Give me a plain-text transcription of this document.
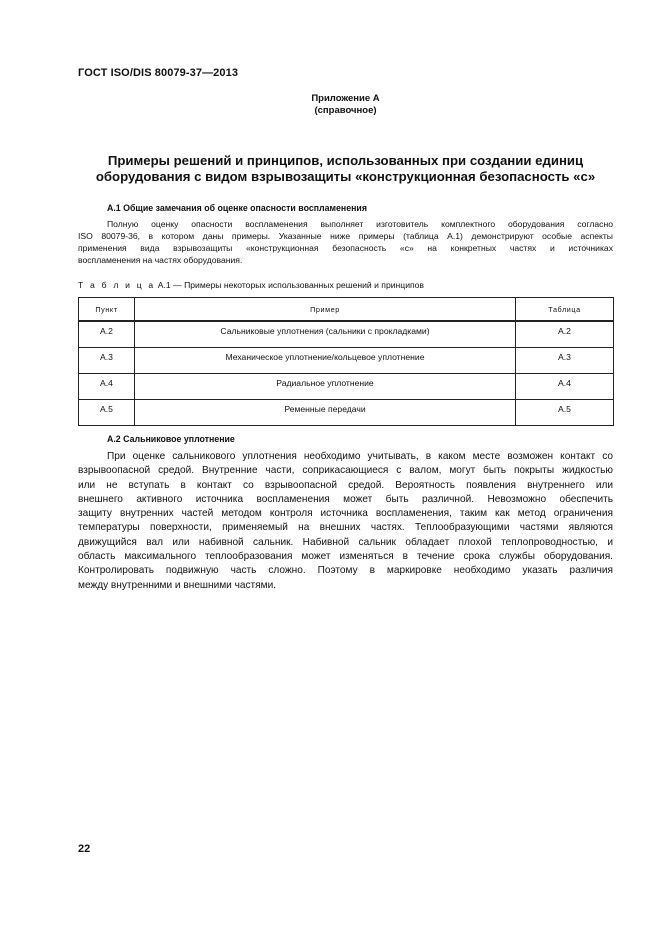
ГОСТ ISO/DIS 80079-37—2013
Приложение А
(справочное)
Примеры решений и принципов, использованных при создании единиц
оборудования с видом взрывозащиты «конструкционная безопасность «с»
А.1 Общие замечания об оценке опасности воспламенения
Полную оценку опасности воспламенения выполняет изготовитель комплектного оборудования согласно
ISO 80079-36, в котором даны примеры. Указанные ниже примеры (таблица А.1) демонстрируют особые аспекты
применения вида взрывозащиты «конструкционная безопасность «с» на конкретных частях и источниках
воспламенения на частях оборудования.
Т а б л и ц а А.1 — Примеры некоторых использованных решений и принципов
Пункт	Пример	Таблица
А.2	Сальниковые уплотнения (сальники с прокладками)	А.2
А.3	Механическое уплотнение/кольцевое уплотнение	А.3
А.4	Радиальное уплотнение	А.4
А.5	Ременные передачи	А.5
А.2 Сальниковое уплотнение
При оценке сальникового уплотнения необходимо учитывать, в каком месте возможен контакт со
взрывоопасной средой. Внутренние части, соприкасающиеся с валом, могут быть покрыты жидкостью
или не вступать в контакт со взрывоопасной средой. Вероятность появления внутреннего или
внешнего активного источника воспламенения может быть различной. Невозможно обеспечить
защиту внутренних частей методом контроля источника воспламенения, таким как метод ограничения
температуры поверхности, применяемый на внешних частях. Теплообразующими частями являются
движущийся вал или набивной сальник. Набивной сальник обладает плохой теплопроводностью, и
область максимального теплообразования может изменяться в течение срока службы оборудования.
Контролировать подвижную часть сложно. Поэтому в маркировке необходимо указать различия
между внутренними и внешними частями.
22
